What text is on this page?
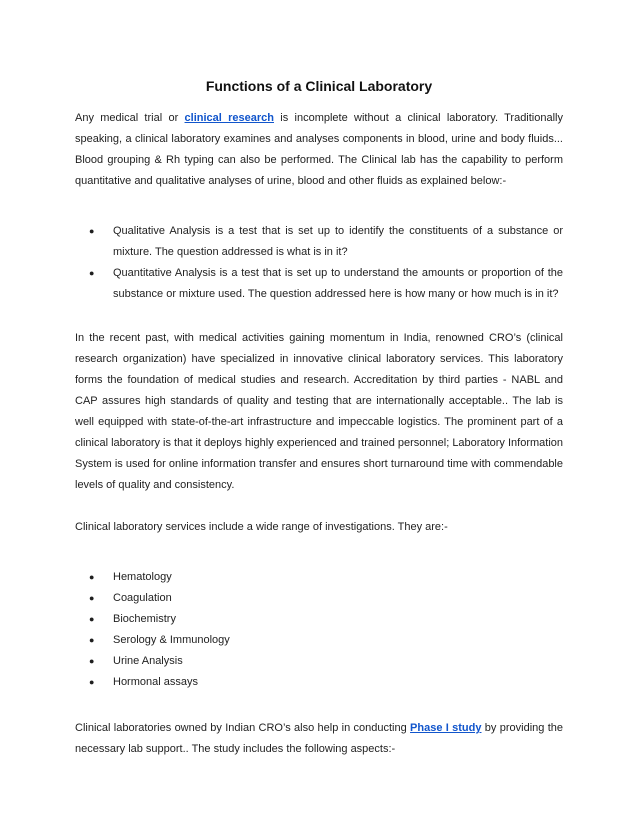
Functions of a Clinical Laboratory

Any medical trial or clinical research is incomplete without a clinical laboratory. Traditionally speaking, a clinical laboratory examines and analyses components in blood, urine and body fluids... Blood grouping & Rh typing can also be performed. The Clinical lab has the capability to perform quantitative and qualitative analyses of urine, blood and other fluids as explained below:-

● Qualitative Analysis is a test that is set up to identify the constituents of a substance or mixture. The question addressed is what is in it?
● Quantitative Analysis is a test that is set up to understand the amounts or proportion of the substance or mixture used. The question addressed here is how many or how much is in it?

In the recent past, with medical activities gaining momentum in India, renowned CRO’s (clinical research organization) have specialized in innovative clinical laboratory services. This laboratory forms the foundation of medical studies and research. Accreditation by third parties - NABL and CAP assures high standards of quality and testing that are internationally acceptable.. The lab is well equipped with state-of-the-art infrastructure and impeccable logistics. The prominent part of a clinical laboratory is that it deploys highly experienced and trained personnel; Laboratory Information System is used for online information transfer and ensures short turnaround time with commendable levels of quality and consistency.

Clinical laboratory services include a wide range of investigations. They are:-

● Hematology
● Coagulation
● Biochemistry
● Serology & Immunology
● Urine Analysis
● Hormonal assays

Clinical laboratories owned by Indian CRO’s also help in conducting Phase I study by providing the necessary lab support.. The study includes the following aspects:-
